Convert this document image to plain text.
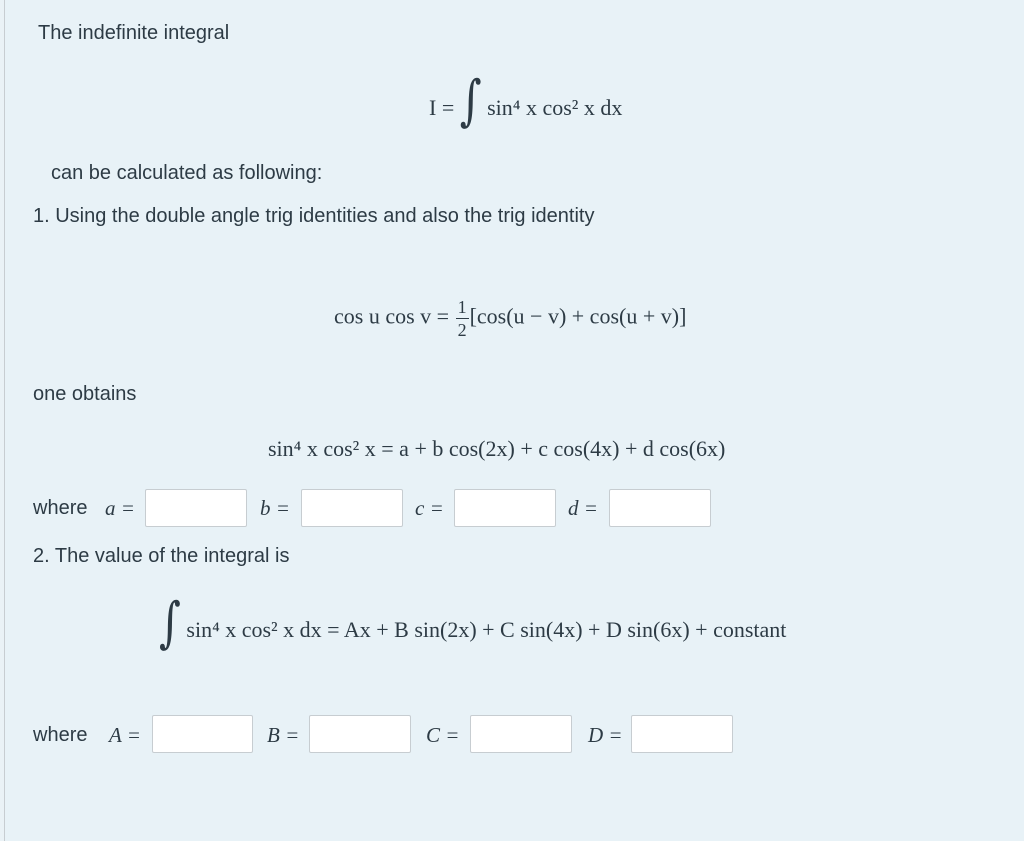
The indefinite integral
I = ∫ sin⁴ x cos² x dx
can be calculated as following:
1. Using the double angle trig identities and also the trig identity
cos u $\cos v = \frac{1}{2} [\cos(u - v) + \cos(u + v)]$
one obtains
sin⁴ x cos² x = a + b cos(2x) + c cos(4x) + d cos(6x)
where a =	b =	c =	d =
2. The value of the integral is
∫ sin⁴ x cos² x dx = Ax + B sin(2x) + C sin(4x) + D sin(6x) + constant
where A =	B =	C =	D =
